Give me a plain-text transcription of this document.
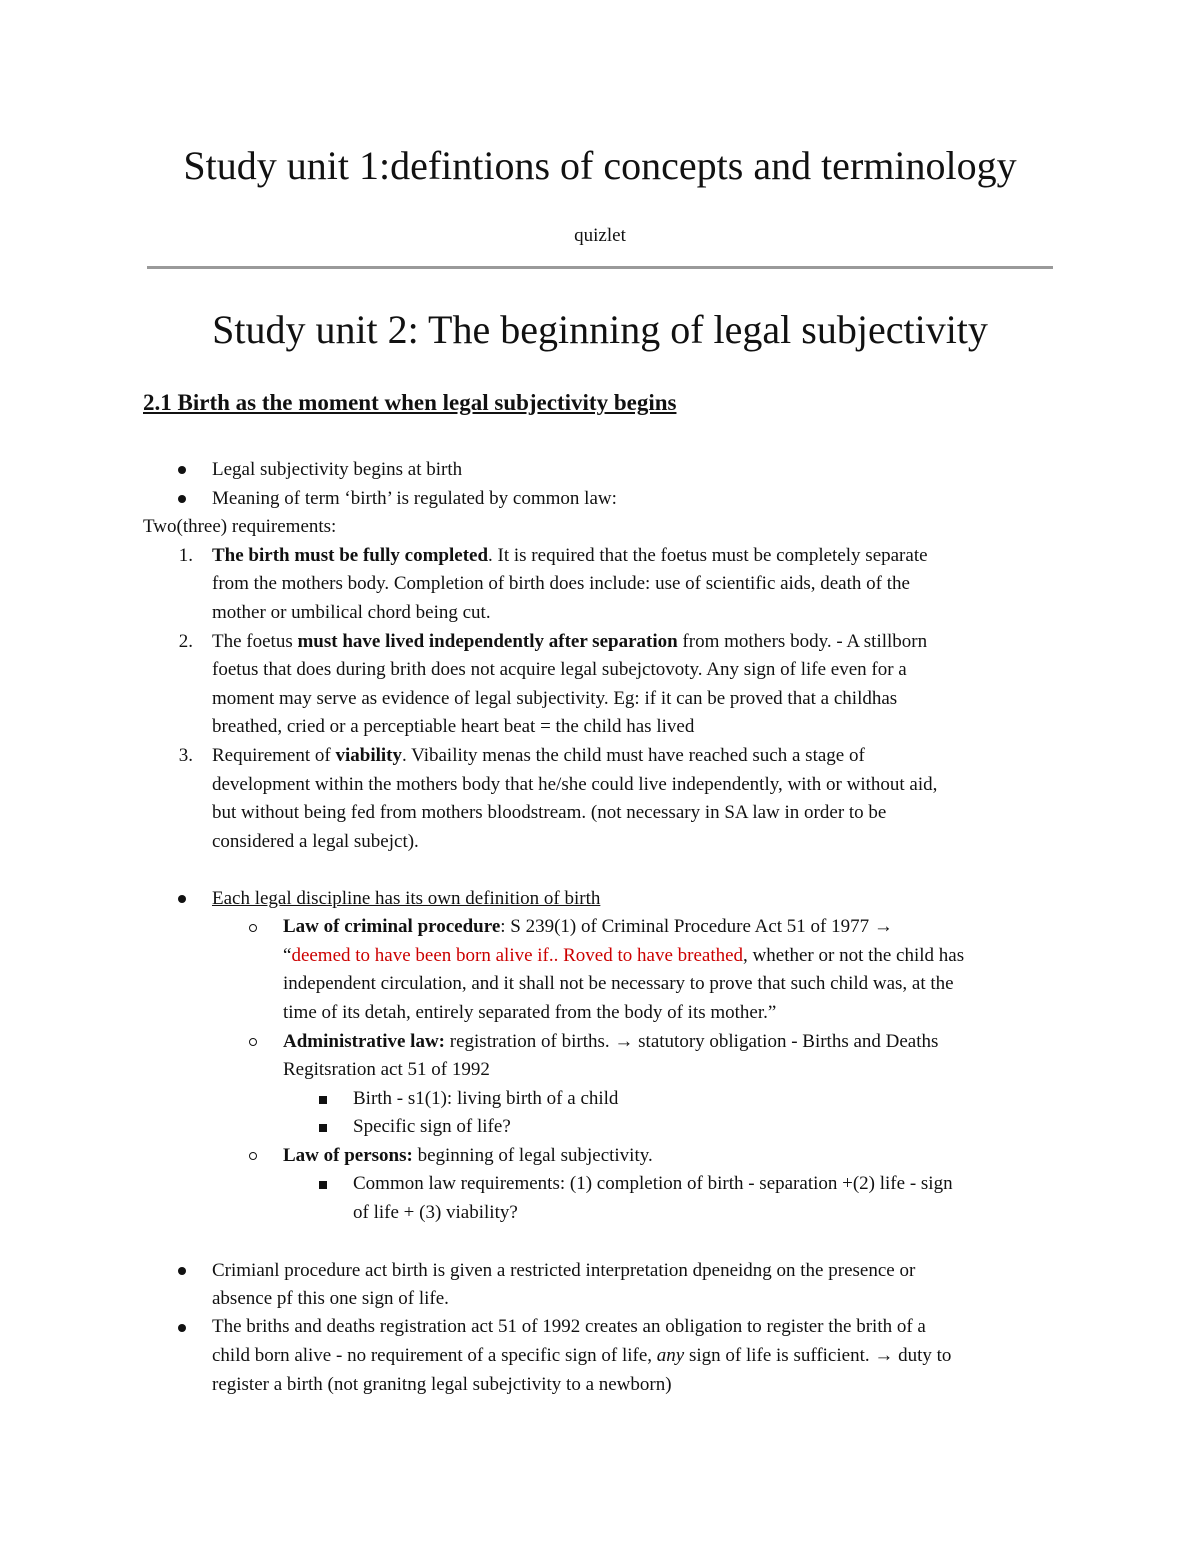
Study unit 1:defintions of concepts and terminology
quizlet
Study unit 2: The beginning of legal subjectivity
2.1 Birth as the moment when legal subjectivity begins
Legal subjectivity begins at birth
Meaning of term ‘birth’ is regulated by common law:
Two(three) requirements:
1. The birth must be fully completed. It is required that the foetus must be completely separate
from the mothers body. Completion of birth does include: use of scientific aids, death of the
mother or umbilical chord being cut.
2. The foetus must have lived independently after separation from mothers body. - A stillborn
foetus that does during brith does not acquire legal subejctovoty. Any sign of life even for a
moment may serve as evidence of legal subjectivity. Eg: if it can be proved that a childhas
breathed, cried or a perceptiable heart beat = the child has lived
3. Requirement of viability. Vibaility menas the child must have reached such a stage of
development within the mothers body that he/she could live independently, with or without aid,
but without being fed from mothers bloodstream. (not necessary in SA law in order to be
considered a legal subejct).
Each legal discipline has its own definition of birth
Law of criminal procedure: S 239(1) of Criminal Procedure Act 51 of 1977 →
“deemed to have been born alive if.. Roved to have breathed, whether or not the child has
independent circulation, and it shall not be necessary to prove that such child was, at the
time of its detah, entirely separated from the body of its mother.”
Administrative law: registration of births. → statutory obligation - Births and Deaths
Regitsration act 51 of 1992
Birth - s1(1): living birth of a child
Specific sign of life?
Law of persons: beginning of legal subjectivity.
Common law requirements: (1) completion of birth - separation +(2) life - sign
of life + (3) viability?
Crimianl procedure act birth is given a restricted interpretation dpeneidng on the presence or
absence pf this one sign of life.
The briths and deaths registration act 51 of 1992 creates an obligation to register the brith of a
child born alive - no requirement of a specific sign of life, any sign of life is sufficient. → duty to
register a birth (not granitng legal subejctivity to a newborn)
